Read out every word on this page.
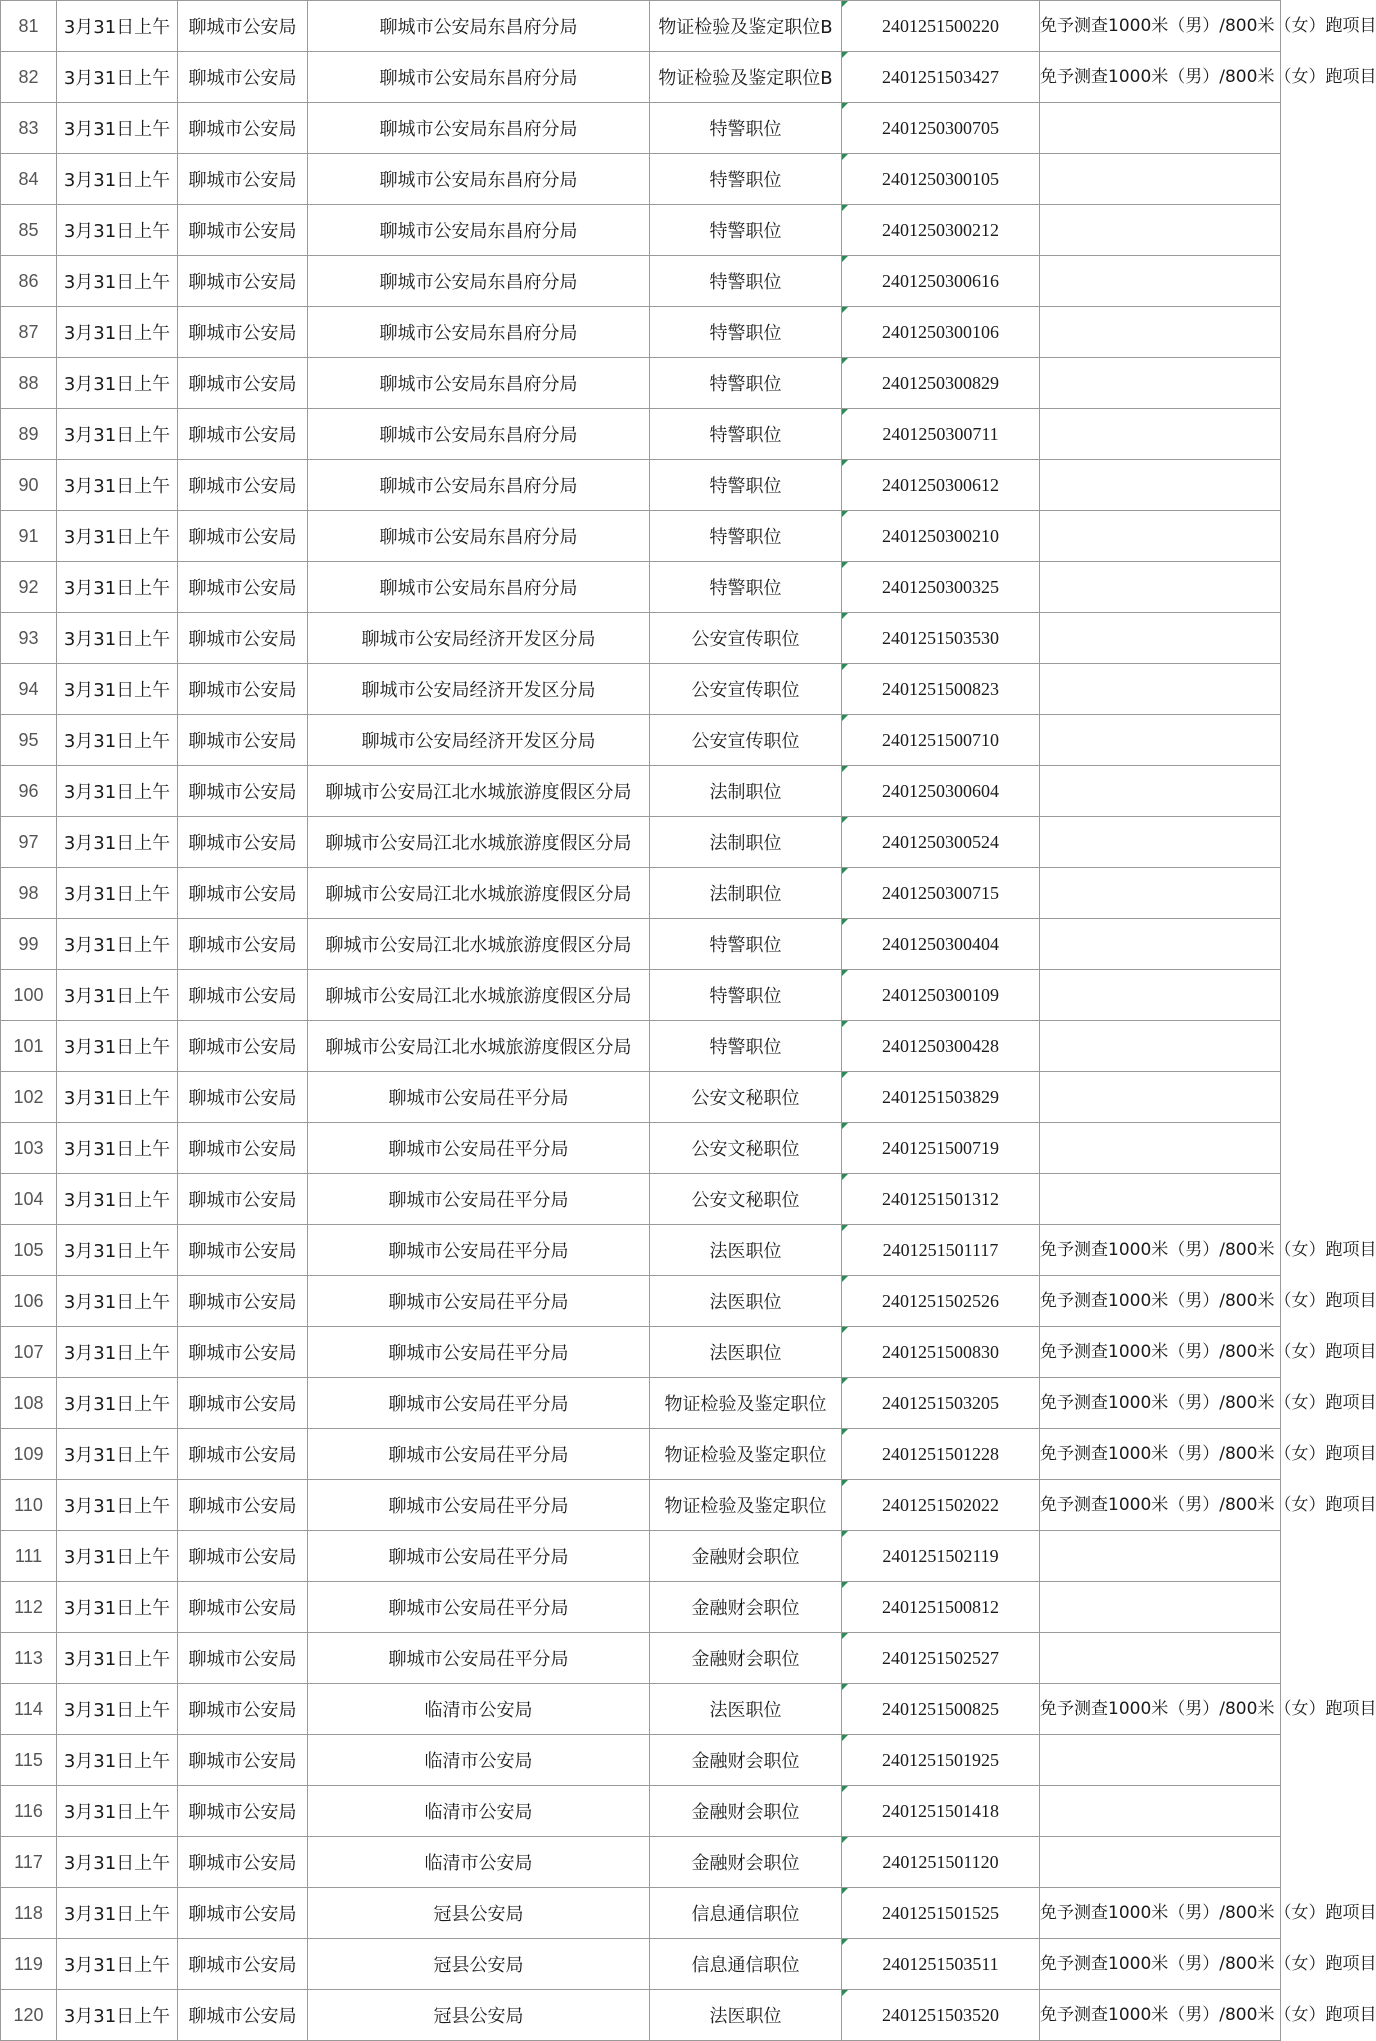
81	3月31日上午	聊城市公安局	聊城市公安局东昌府分局	物证检验及鉴定职位B	2401251500220	免予测查1000米（男）/800米（女）跑项目
82	3月31日上午	聊城市公安局	聊城市公安局东昌府分局	物证检验及鉴定职位B	2401251503427	免予测查1000米（男）/800米（女）跑项目
83	3月31日上午	聊城市公安局	聊城市公安局东昌府分局	特警职位	2401250300705	
84	3月31日上午	聊城市公安局	聊城市公安局东昌府分局	特警职位	2401250300105	
85	3月31日上午	聊城市公安局	聊城市公安局东昌府分局	特警职位	2401250300212	
86	3月31日上午	聊城市公安局	聊城市公安局东昌府分局	特警职位	2401250300616	
87	3月31日上午	聊城市公安局	聊城市公安局东昌府分局	特警职位	2401250300106	
88	3月31日上午	聊城市公安局	聊城市公安局东昌府分局	特警职位	2401250300829	
89	3月31日上午	聊城市公安局	聊城市公安局东昌府分局	特警职位	2401250300711	
90	3月31日上午	聊城市公安局	聊城市公安局东昌府分局	特警职位	2401250300612	
91	3月31日上午	聊城市公安局	聊城市公安局东昌府分局	特警职位	2401250300210	
92	3月31日上午	聊城市公安局	聊城市公安局东昌府分局	特警职位	2401250300325	
93	3月31日上午	聊城市公安局	聊城市公安局经济开发区分局	公安宣传职位	2401251503530	
94	3月31日上午	聊城市公安局	聊城市公安局经济开发区分局	公安宣传职位	2401251500823	
95	3月31日上午	聊城市公安局	聊城市公安局经济开发区分局	公安宣传职位	2401251500710	
96	3月31日上午	聊城市公安局	聊城市公安局江北水城旅游度假区分局	法制职位	2401250300604	
97	3月31日上午	聊城市公安局	聊城市公安局江北水城旅游度假区分局	法制职位	2401250300524	
98	3月31日上午	聊城市公安局	聊城市公安局江北水城旅游度假区分局	法制职位	2401250300715	
99	3月31日上午	聊城市公安局	聊城市公安局江北水城旅游度假区分局	特警职位	2401250300404	
100	3月31日上午	聊城市公安局	聊城市公安局江北水城旅游度假区分局	特警职位	2401250300109	
101	3月31日上午	聊城市公安局	聊城市公安局江北水城旅游度假区分局	特警职位	2401250300428	
102	3月31日上午	聊城市公安局	聊城市公安局茌平分局	公安文秘职位	2401251503829	
103	3月31日上午	聊城市公安局	聊城市公安局茌平分局	公安文秘职位	2401251500719	
104	3月31日上午	聊城市公安局	聊城市公安局茌平分局	公安文秘职位	2401251501312	
105	3月31日上午	聊城市公安局	聊城市公安局茌平分局	法医职位	2401251501117	免予测查1000米（男）/800米（女）跑项目
106	3月31日上午	聊城市公安局	聊城市公安局茌平分局	法医职位	2401251502526	免予测查1000米（男）/800米（女）跑项目
107	3月31日上午	聊城市公安局	聊城市公安局茌平分局	法医职位	2401251500830	免予测查1000米（男）/800米（女）跑项目
108	3月31日上午	聊城市公安局	聊城市公安局茌平分局	物证检验及鉴定职位	2401251503205	免予测查1000米（男）/800米（女）跑项目
109	3月31日上午	聊城市公安局	聊城市公安局茌平分局	物证检验及鉴定职位	2401251501228	免予测查1000米（男）/800米（女）跑项目
110	3月31日上午	聊城市公安局	聊城市公安局茌平分局	物证检验及鉴定职位	2401251502022	免予测查1000米（男）/800米（女）跑项目
111	3月31日上午	聊城市公安局	聊城市公安局茌平分局	金融财会职位	2401251502119	
112	3月31日上午	聊城市公安局	聊城市公安局茌平分局	金融财会职位	2401251500812	
113	3月31日上午	聊城市公安局	聊城市公安局茌平分局	金融财会职位	2401251502527	
114	3月31日上午	聊城市公安局	临清市公安局	法医职位	2401251500825	免予测查1000米（男）/800米（女）跑项目
115	3月31日上午	聊城市公安局	临清市公安局	金融财会职位	2401251501925	
116	3月31日上午	聊城市公安局	临清市公安局	金融财会职位	2401251501418	
117	3月31日上午	聊城市公安局	临清市公安局	金融财会职位	2401251501120	
118	3月31日上午	聊城市公安局	冠县公安局	信息通信职位	2401251501525	免予测查1000米（男）/800米（女）跑项目
119	3月31日上午	聊城市公安局	冠县公安局	信息通信职位	2401251503511	免予测查1000米（男）/800米（女）跑项目
120	3月31日上午	聊城市公安局	冠县公安局	法医职位	2401251503520	免予测查1000米（男）/800米（女）跑项目
